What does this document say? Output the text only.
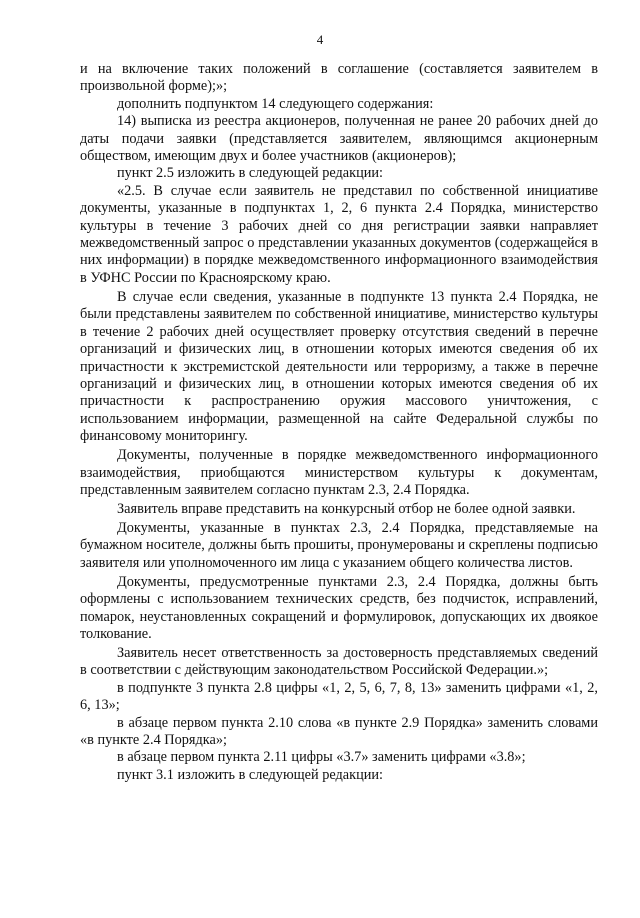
4

и на включение таких положений в соглашение (составляется заявителем в произвольной форме);»;

дополнить подпунктом 14 следующего содержания:

14) выписка из реестра акционеров, полученная не ранее 20 рабочих дней до даты подачи заявки (представляется заявителем, являющимся акционерным обществом, имеющим двух и более участников (акционеров);

пункт 2.5 изложить в следующей редакции:

«2.5. В случае если заявитель не представил по собственной инициативе документы, указанные в подпунктах 1, 2, 6 пункта 2.4 Порядка, министерство культуры в течение 3 рабочих дней со дня регистрации заявки направляет межведомственный запрос о представлении указанных документов (содержащейся в них информации) в порядке межведомственного информационного взаимодействия в УФНС России по Красноярскому краю.

В случае если сведения, указанные в подпункте 13 пункта 2.4 Порядка, не были представлены заявителем по собственной инициативе, министерство культуры в течение 2 рабочих дней осуществляет проверку отсутствия сведений в перечне организаций и физических лиц, в отношении которых имеются сведения об их причастности к экстремистской деятельности или терроризму, а также в перечне организаций и физических лиц, в отношении которых имеются сведения об их причастности к распространению оружия массового уничтожения, с использованием информации, размещенной на сайте Федеральной службы по финансовому мониторингу.

Документы, полученные в порядке межведомственного информационного взаимодействия, приобщаются министерством культуры к документам, представленным заявителем согласно пунктам 2.3, 2.4 Порядка.

Заявитель вправе представить на конкурсный отбор не более одной заявки.

Документы, указанные в пунктах 2.3, 2.4 Порядка, представляемые на бумажном носителе, должны быть прошиты, пронумерованы и скреплены подписью заявителя или уполномоченного им лица с указанием общего количества листов.

Документы, предусмотренные пунктами 2.3, 2.4 Порядка, должны быть оформлены с использованием технических средств, без подчисток, исправлений, помарок, неустановленных сокращений и формулировок, допускающих их двоякое толкование.

Заявитель несет ответственность за достоверность представляемых сведений в соответствии с действующим законодательством Российской Федерации.»;

в подпункте 3 пункта 2.8 цифры «1, 2, 5, 6, 7, 8, 13» заменить цифрами «1, 2, 6, 13»;

в абзаце первом пункта 2.10 слова «в пункте 2.9 Порядка» заменить словами «в пункте 2.4 Порядка»;

в абзаце первом пункта 2.11 цифры «3.7» заменить цифрами «3.8»;

пункт 3.1 изложить в следующей редакции:
